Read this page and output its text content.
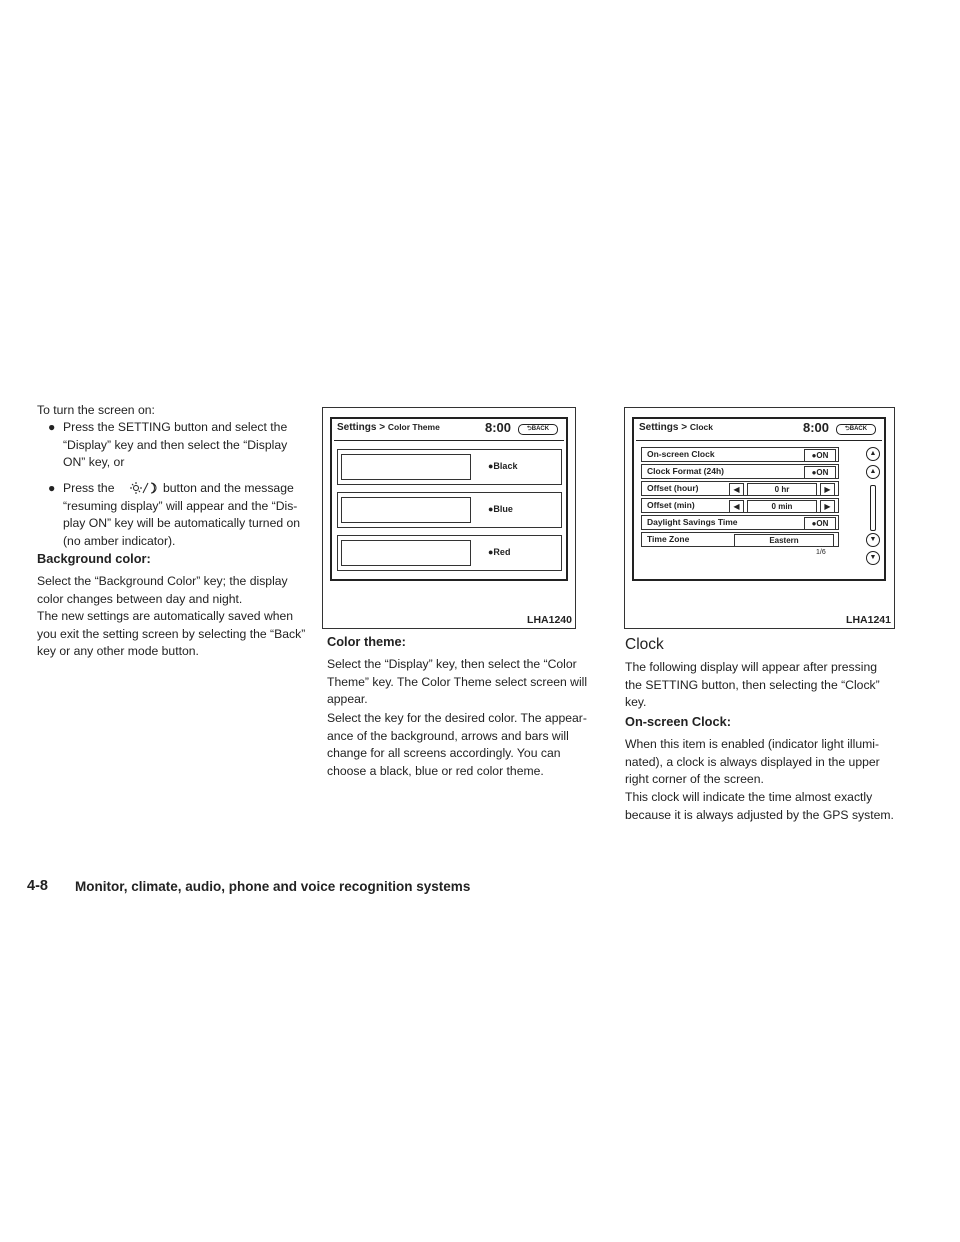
To turn the screen on:

● Press the SETTING button and select the “Display” key and then select the “Display ON” key, or
● Press the	button and the message “resuming display” will appear and the “Dis- play ON” key will be automatically turned on (no amber indicator).

Background color:

Select the “Background Color” key; the display color changes between day and night.

The new settings are automatically saved when you exit the setting screen by selecting the “Back” key or any other mode button.

Settings > Color Theme	8:00	⮌BACK
●Black
●Blue
●Red
LHA1240

Color theme:

Select the “Display” key, then select the “Color Theme” key. The Color Theme select screen will appear.

Select the key for the desired color. The appear- ance of the background, arrows and bars will change for all screens accordingly. You can choose a black, blue or red color theme.

Settings > Clock	8:00	⮌BACK
On-screen Clock	●ON
Clock Format (24h)	●ON
Offset (hour)	◀	0 hr	▶
Offset (min)	◀	0 min	▶
Daylight Savings Time	●ON
Time Zone	Eastern
1/6
▲
▲
▼
▼
LHA1241

Clock

The following display will appear after pressing the SETTING button, then selecting the “Clock” key.

On-screen Clock:

When this item is enabled (indicator light illumi- nated), a clock is always displayed in the upper right corner of the screen.

This clock will indicate the time almost exactly because it is always adjusted by the GPS system.

4-8 Monitor, climate, audio, phone and voice recognition systems
